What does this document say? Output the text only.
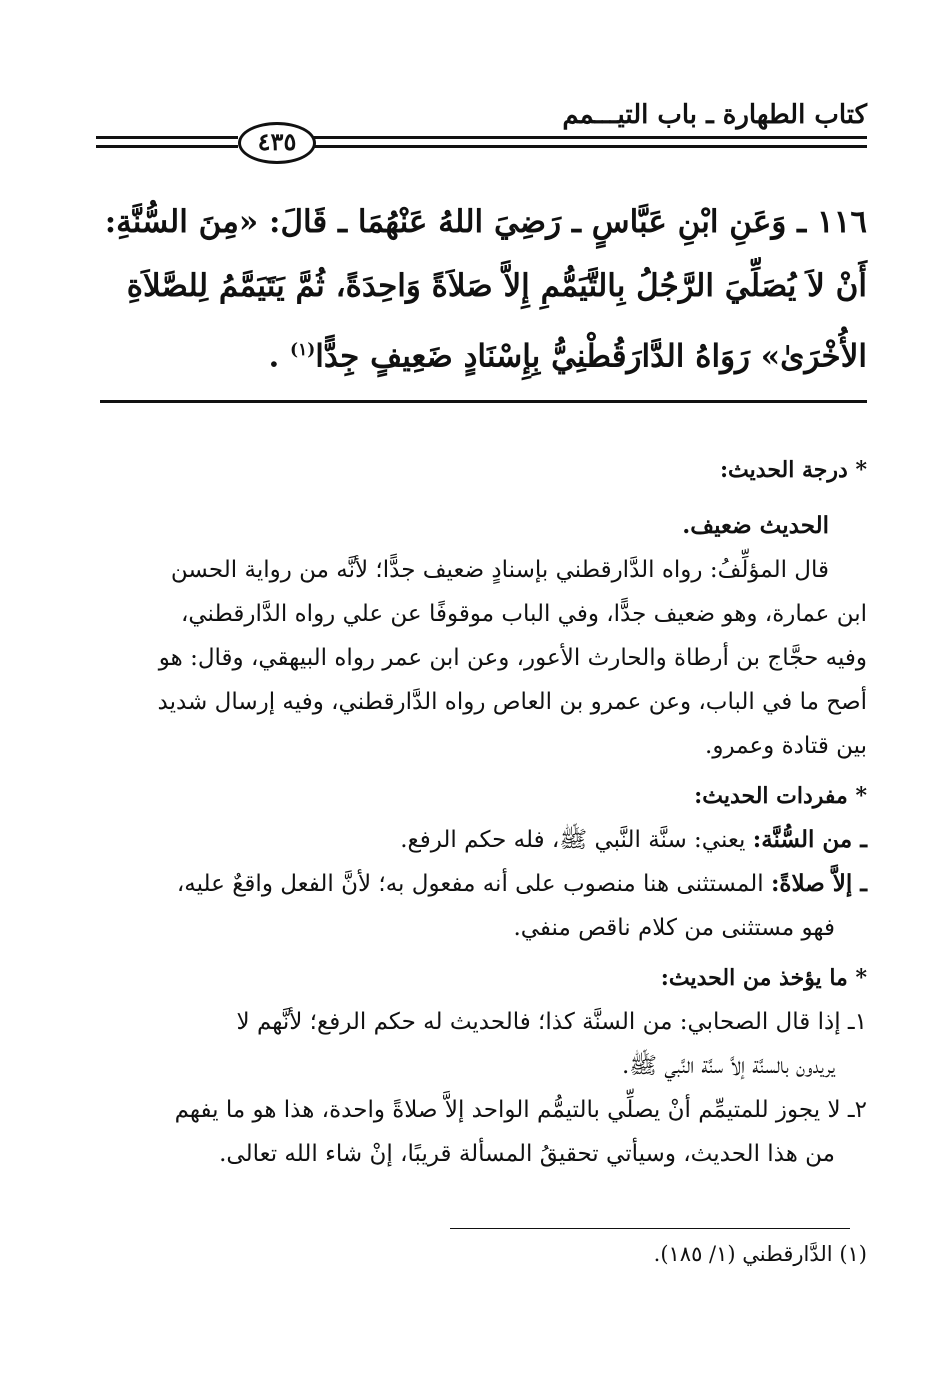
كتاب الطهارة ـ باب التيـــمم
٤٣٥

١١٦ ـ وَعَنِ ابْنِ عَبَّاسٍ ـ رَضِيَ اللهُ عَنْهُمَا ـ قَالَ: «مِنَ السُّنَّةِ:

أَنْ لاَ يُصَلِّيَ الرَّجُلُ بِالتَّيَمُّمِ إِلاَّ صَلاَةً وَاحِدَةً، ثُمَّ يَتَيَمَّمُ لِلصَّلاَةِ

الأُخْرَىٰ» رَوَاهُ الدَّارَقُطْنِيُّ بِإِسْنَادٍ ضَعِيفٍ جِدًّا$^{(١)}$ .

* درجة الحديث:

الحديث ضعيف.

قال المؤلِّفُ: رواه الدَّارقطني بإسنادٍ ضعيف جدًّا؛ لأنَّه من رواية الحسن

ابن عمارة، وهو ضعيف جدًّا، وفي الباب موقوفًا عن علي رواه الدَّارقطني،

وفيه حجَّاج بن أرطاة والحارث الأعور، وعن ابن عمر رواه البيهقي، وقال: هو

أصح ما في الباب، وعن عمرو بن العاص رواه الدَّارقطني، وفيه إرسال شديد

بين قتادة وعمرو.

* مفردات الحديث:

ـ من السُّنَّة: يعني: سنَّة النَّبي ﷺ، فله حكم الرفع.

ـ إلاَّ صلاةً: المستثنى هنا منصوب على أنه مفعول به؛ لأنَّ الفعل واقعٌ عليه،

فهو مستثنى من كلام ناقص منفي.

* ما يؤخذ من الحديث:

١ـ إذا قال الصحابي: من السنَّة كذا؛ فالحديث له حكم الرفع؛ لأنَّهم لا

يريدون بالسنَّة إلاَّ سنَّة النَّبي ﷺ.

٢ـ لا يجوز للمتيمِّم أنْ يصلِّي بالتيمُّم الواحد إلاَّ صلاةً واحدة، هذا هو ما يفهم

من هذا الحديث، وسيأتي تحقيقُ المسألة قريبًا، إنْ شاء الله تعالى.

(١) الدَّارقطني (١/ ١٨٥).
